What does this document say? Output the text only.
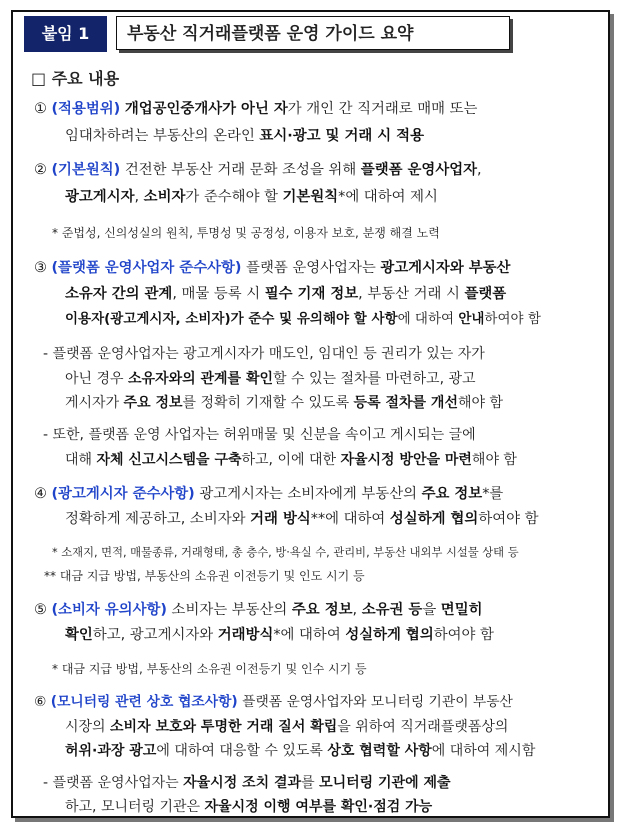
붙임 1	부동산 직거래플랫폼 운영 가이드 요약
□ 주요 내용
① (적용범위) 개업공인중개사가 아닌 자가 개인 간 직거래로 매매 또는
임대차하려는 부동산의 온라인 표시·광고 및 거래 시 적용
② (기본원칙) 건전한 부동산 거래 문화 조성을 위해 플랫폼 운영사업자,
광고게시자, 소비자가 준수해야 할 기본원칙*에 대하여 제시
* 준법성, 신의성실의 원칙, 투명성 및 공정성, 이용자 보호, 분쟁 해결 노력
③ (플랫폼 운영사업자 준수사항) 플랫폼 운영사업자는 광고게시자와 부동산
소유자 간의 관계, 매물 등록 시 필수 기재 정보, 부동산 거래 시 플랫폼
이용자(광고게시자, 소비자)가 준수 및 유의해야 할 사항에 대하여 안내하여야 함
- 플랫폼 운영사업자는 광고게시자가 매도인, 임대인 등 권리가 있는 자가
아닌 경우 소유자와의 관계를 확인할 수 있는 절차를 마련하고, 광고
게시자가 주요 정보를 정확히 기재할 수 있도록 등록 절차를 개선해야 함
- 또한, 플랫폼 운영 사업자는 허위매물 및 신분을 속이고 게시되는 글에
대해 자체 신고시스템을 구축하고, 이에 대한 자율시정 방안을 마련해야 함
④ (광고게시자 준수사항) 광고게시자는 소비자에게 부동산의 주요 정보*를
정확하게 제공하고, 소비자와 거래 방식**에 대하여 성실하게 협의하여야 함
* 소재지, 면적, 매물종류, 거래형태, 총 층수, 방·욕실 수, 관리비, 부동산 내외부 시설물 상태 등
** 대금 지급 방법, 부동산의 소유권 이전등기 및 인도 시기 등
⑤ (소비자 유의사항) 소비자는 부동산의 주요 정보, 소유권 등을 면밀히
확인하고, 광고게시자와 거래방식*에 대하여 성실하게 협의하여야 함
* 대금 지급 방법, 부동산의 소유권 이전등기 및 인수 시기 등
⑥ (모니터링 관련 상호 협조사항) 플랫폼 운영사업자와 모니터링 기관이 부동산
시장의 소비자 보호와 투명한 거래 질서 확립을 위하여 직거래플랫폼상의
허위·과장 광고에 대하여 대응할 수 있도록 상호 협력할 사항에 대하여 제시함
- 플랫폼 운영사업자는 자율시정 조치 결과를 모니터링 기관에 제출
하고, 모니터링 기관은 자율시정 이행 여부를 확인·점검 가능
